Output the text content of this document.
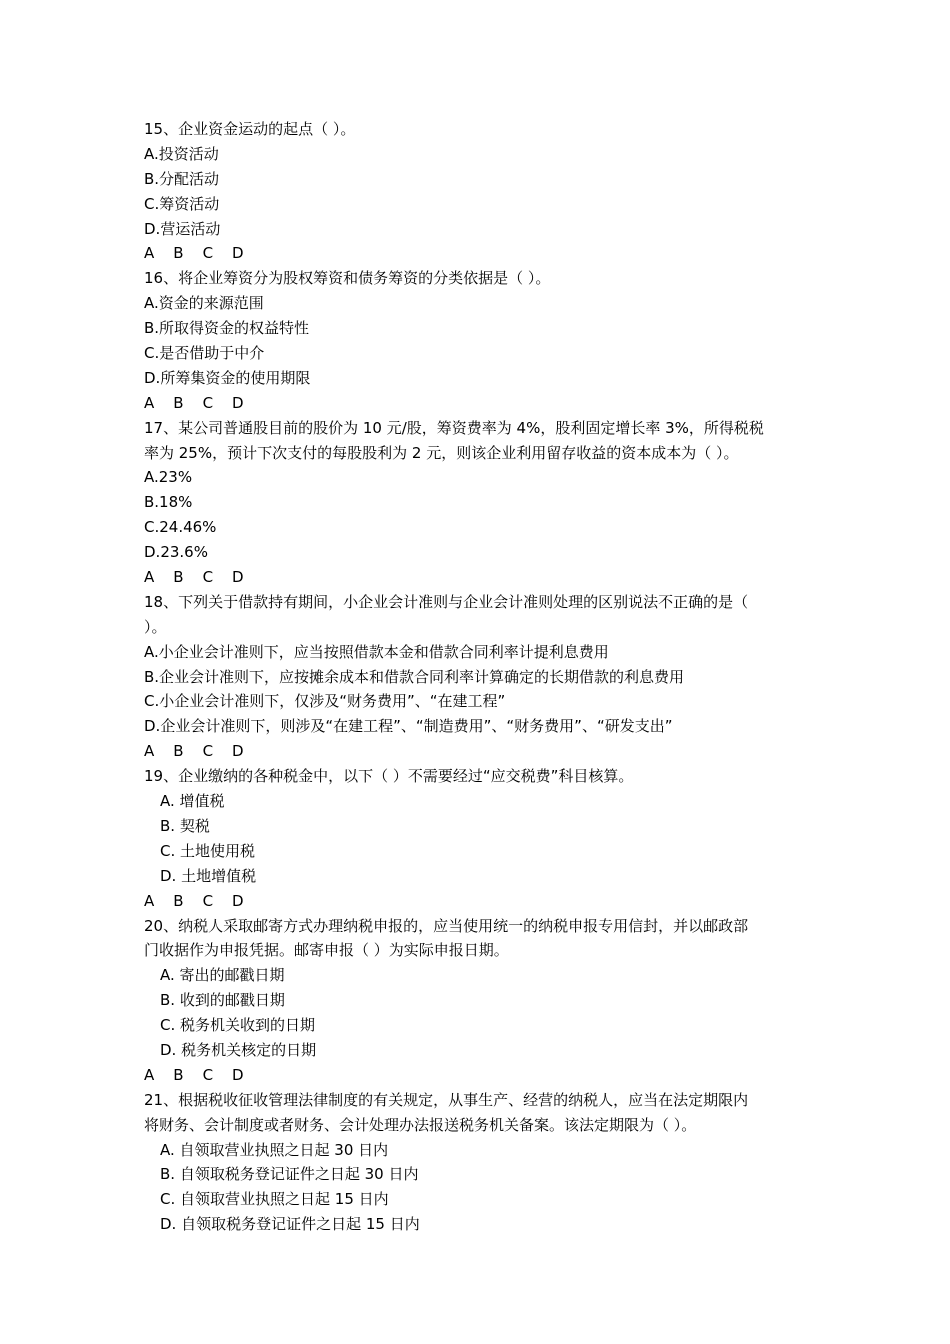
15、企业资金运动的起点（ ）。
A.投资活动
B.分配活动
C.筹资活动
D.营运活动
A B C D
16、将企业筹资分为股权筹资和债务筹资的分类依据是（ ）。
A.资金的来源范围
B.所取得资金的权益特性
C.是否借助于中介
D.所筹集资金的使用期限
A B C D
17、某公司普通股目前的股价为 10 元/股，筹资费率为 4%，股利固定增长率 3%，所得税税
率为 25%，预计下次支付的每股股利为 2 元，则该企业利用留存收益的资本成本为（ ）。
A.23%
B.18%
C.24.46%
D.23.6%
A B C D
18、下列关于借款持有期间，小企业会计准则与企业会计准则处理的区别说法不正确的是（
）。
A.小企业会计准则下，应当按照借款本金和借款合同利率计提利息费用
B.企业会计准则下，应按摊余成本和借款合同利率计算确定的长期借款的利息费用
C.小企业会计准则下，仅涉及“财务费用”、“在建工程”
D.企业会计准则下，则涉及“在建工程”、“制造费用”、“财务费用”、“研发支出”
A B C D
19、企业缴纳的各种税金中，以下（ ）不需要经过“应交税费”科目核算。
A. 增值税
B. 契税
C. 土地使用税
D. 土地增值税
A B C D
20、纳税人采取邮寄方式办理纳税申报的，应当使用统一的纳税申报专用信封，并以邮政部
门收据作为申报凭据。邮寄申报（ ）为实际申报日期。
A. 寄出的邮戳日期
B. 收到的邮戳日期
C. 税务机关收到的日期
D. 税务机关核定的日期
A B C D
21、根据税收征收管理法律制度的有关规定，从事生产、经营的纳税人，应当在法定期限内
将财务、会计制度或者财务、会计处理办法报送税务机关备案。该法定期限为（ ）。
A. 自领取营业执照之日起 30 日内
B. 自领取税务登记证件之日起 30 日内
C. 自领取营业执照之日起 15 日内
D. 自领取税务登记证件之日起 15 日内
